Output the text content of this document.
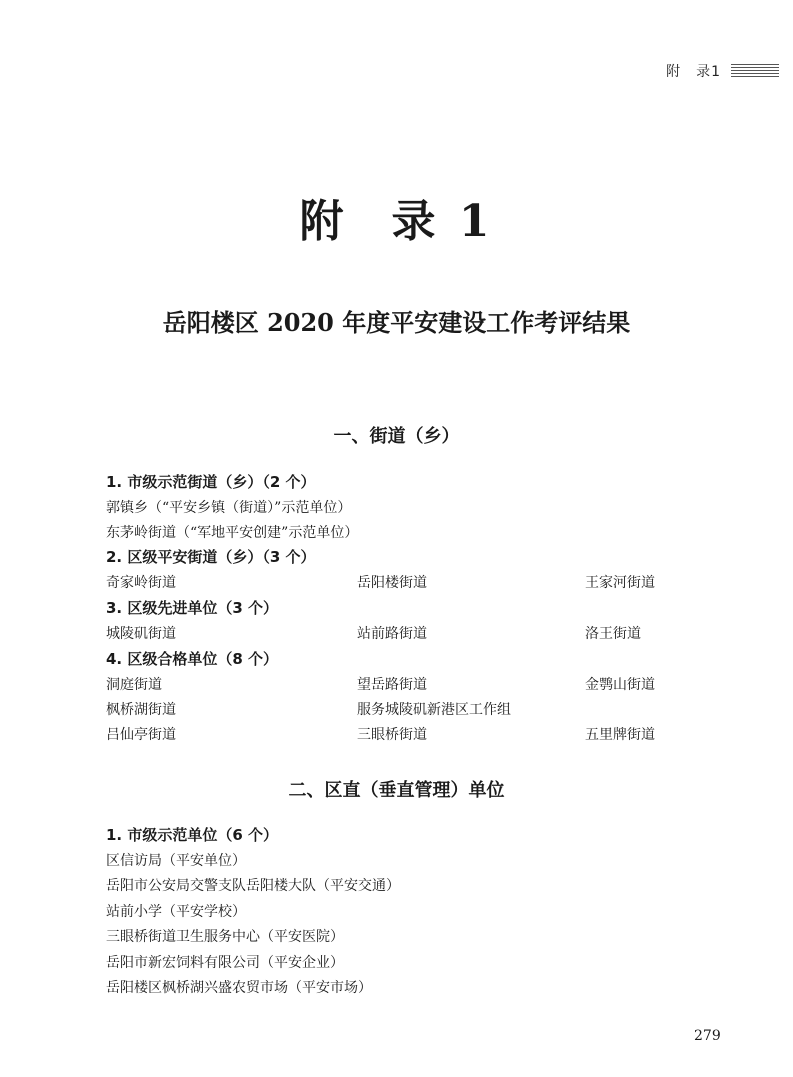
附　录1
附 录 1
岳阳楼区 2020 年度平安建设工作考评结果
一、街道（乡）
1. 市级示范街道（乡）（2 个）

郭镇乡（“平安乡镇（街道）”示范单位）

东茅岭街道（“军地平安创建”示范单位）

2. 区级平安街道（乡）（3 个）
奇家岭街道	岳阳楼街道	王家河街道
3. 区级先进单位（3 个）
城陵矶街道	站前路街道	洛王街道
4. 区级合格单位（8 个）
洞庭街道	望岳路街道	金鹗山街道
枫桥湖街道	服务城陵矶新港区工作组
吕仙亭街道	三眼桥街道	五里牌街道
二、区直（垂直管理）单位
1. 市级示范单位（6 个）

区信访局（平安单位）

岳阳市公安局交警支队岳阳楼大队（平安交通）

站前小学（平安学校）

三眼桥街道卫生服务中心（平安医院）

岳阳市新宏饲料有限公司（平安企业）

岳阳楼区枫桥湖兴盛农贸市场（平安市场）

279
